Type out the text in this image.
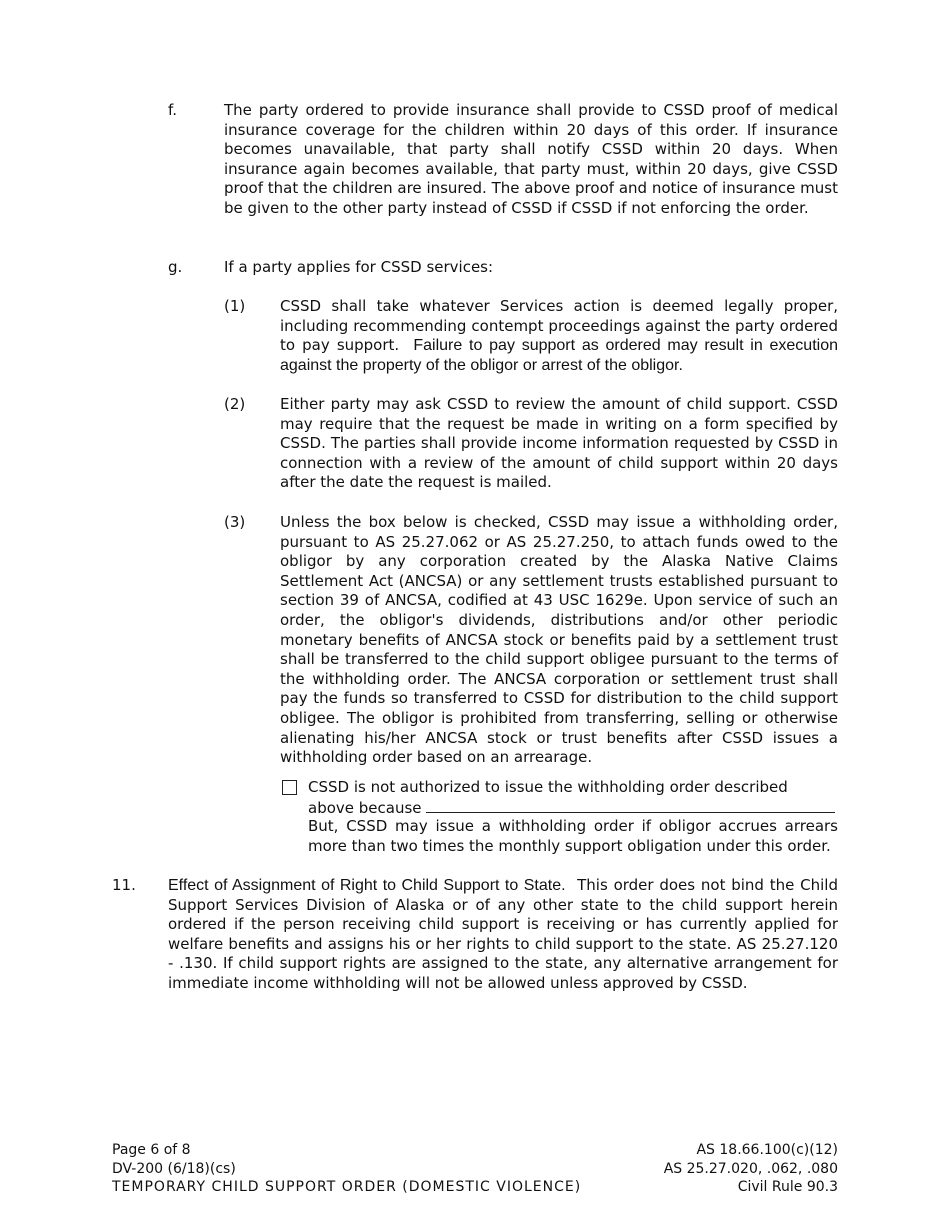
f.	The party ordered to provide insurance shall provide to CSSD proof of medical insurance coverage for the children within 20 days of this order. If insurance becomes unavailable, that party shall notify CSSD within 20 days. When insurance again becomes available, that party must, within 20 days, give CSSD proof that the children are insured. The above proof and notice of insurance must be given to the other party instead of CSSD if CSSD if not enforcing the order.
g.	If a party applies for CSSD services:
(1) CSSD shall take whatever Services action is deemed legally proper, including recommending contempt proceedings against the party ordered to pay support. Failure to pay support as ordered may result in execution against the property of the obligor or arrest of the obligor.
(2) Either party may ask CSSD to review the amount of child support. CSSD may require that the request be made in writing on a form specified by CSSD. The parties shall provide income information requested by CSSD in connection with a review of the amount of child support within 20 days after the date the request is mailed.
(3) Unless the box below is checked, CSSD may issue a withholding order, pursuant to AS 25.27.062 or AS 25.27.250, to attach funds owed to the obligor by any corporation created by the Alaska Native Claims Settlement Act (ANCSA) or any settlement trusts established pursuant to section 39 of ANCSA, codified at 43 USC 1629e. Upon service of such an order, the obligor's dividends, distributions and/or other periodic monetary benefits of ANCSA stock or benefits paid by a settlement trust shall be transferred to the child support obligee pursuant to the terms of the withholding order. The ANCSA corporation or settlement trust shall pay the funds so transferred to CSSD for distribution to the child support obligee. The obligor is prohibited from transferring, selling or otherwise alienating his/her ANCSA stock or trust benefits after CSSD issues a withholding order based on an arrearage.
CSSD is not authorized to issue the withholding order described
above because
But, CSSD may issue a withholding order if obligor accrues arrears more than two times the monthly support obligation under this order.
11. Effect of Assignment of Right to Child Support to State. This order does not bind the Child Support Services Division of Alaska or of any other state to the child support herein ordered if the person receiving child support is receiving or has currently applied for welfare benefits and assigns his or her rights to child support to the state. AS 25.27.120 - .130. If child support rights are assigned to the state, any alternative arrangement for immediate income withholding will not be allowed unless approved by CSSD.
Page 6 of 8
DV-200 (6/18)(cs)
TEMPORARY CHILD SUPPORT ORDER (DOMESTIC VIOLENCE)
AS 18.66.100(c)(12)
AS 25.27.020, .062, .080
Civil Rule 90.3
